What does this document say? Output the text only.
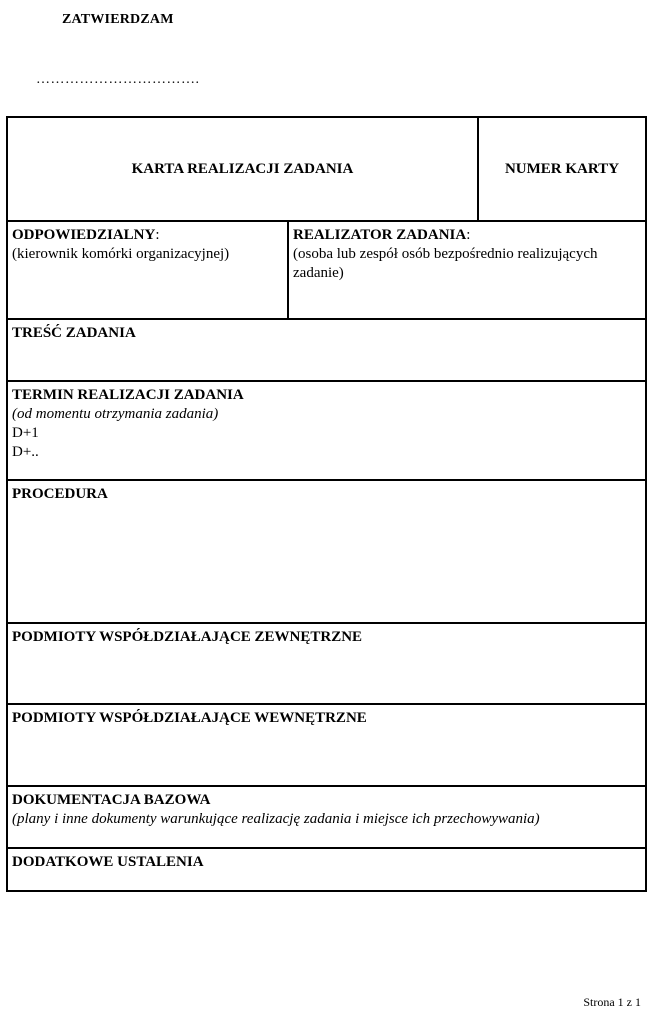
ZATWIERDZAM
…………………………….
KARTA REALIZACJI ZADANIA	NUMER KARTY
ODPOWIEDZIALNY:
(kierownik komórki organizacyjnej)
REALIZATOR ZADANIA:
(osoba lub zespół osób bezpośrednio realizujących zadanie)
TREŚĆ ZADANIA
TERMIN REALIZACJI ZADANIA
(od momentu otrzymania zadania)
D+1
D+..
PROCEDURA
PODMIOTY WSPÓŁDZIAŁAJĄCE ZEWNĘTRZNE
PODMIOTY WSPÓŁDZIAŁAJĄCE WEWNĘTRZNE
DOKUMENTACJA BAZOWA
(plany i inne dokumenty warunkujące realizację zadania i miejsce ich przechowywania)
DODATKOWE USTALENIA
Strona 1 z 1
